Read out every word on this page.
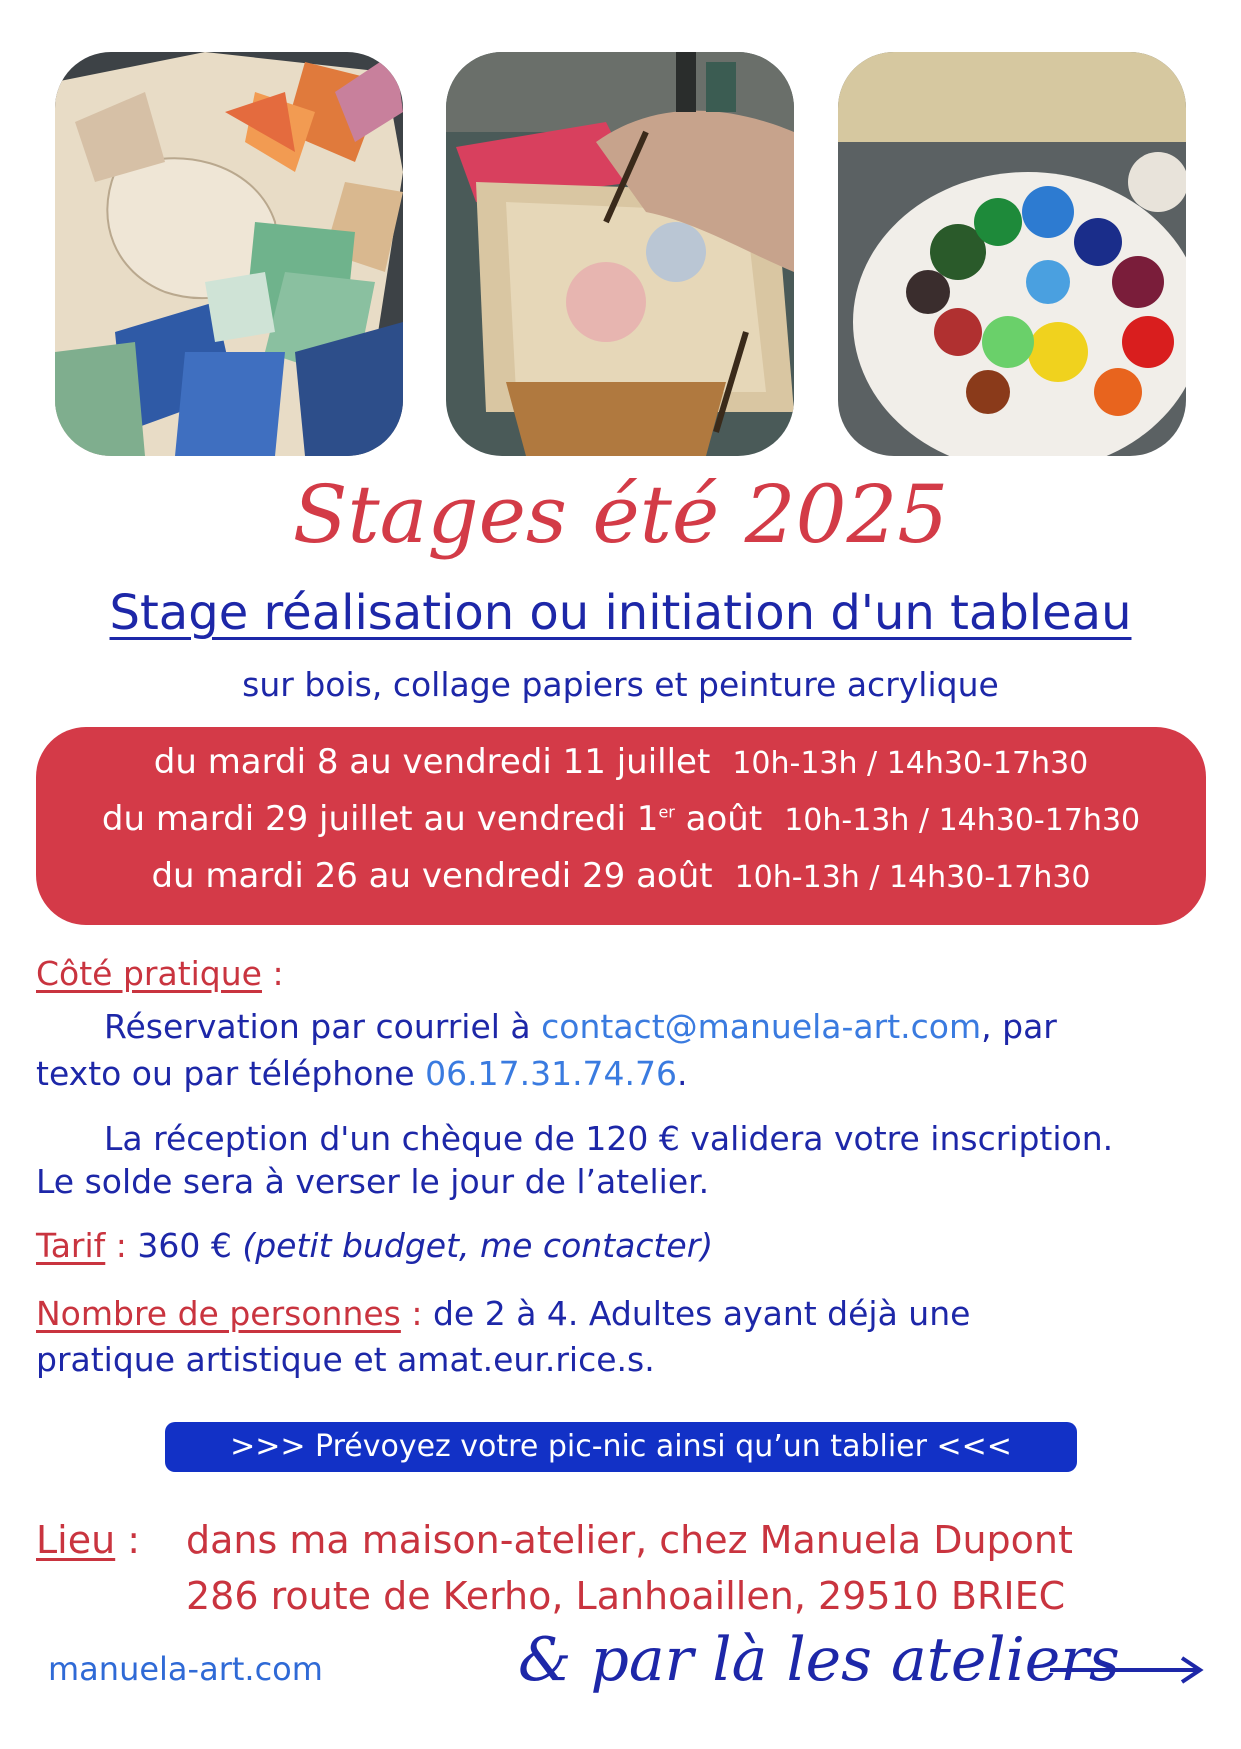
Stages été 2025
Stage réalisation ou initiation d'un tableau
sur bois, collage papiers et peinture acrylique
du mardi 8 au vendredi 11 juillet 10h-13h / 14h30-17h30
du mardi 29 juillet au vendredi 1er août 10h-13h / 14h30-17h30
du mardi 26 au vendredi 29 août 10h-13h / 14h30-17h30
Côté pratique :
Réservation par courriel à contact@manuela-art.com, par
texto ou par téléphone 06.17.31.74.76.
La réception d'un chèque de 120 € validera votre inscription.
Le solde sera à verser le jour de l’atelier.
Tarif : 360 € (petit budget, me contacter)
Nombre de personnes : de 2 à 4. Adultes ayant déjà une
pratique artistique et amat.eur.rice.s.
>>> Prévoyez votre pic-nic ainsi qu’un tablier <<<
Lieu : dans ma maison-atelier, chez Manuela Dupont
286 route de Kerho, Lanhoaillen, 29510 BRIEC
manuela-art.com	& par là les ateliers
